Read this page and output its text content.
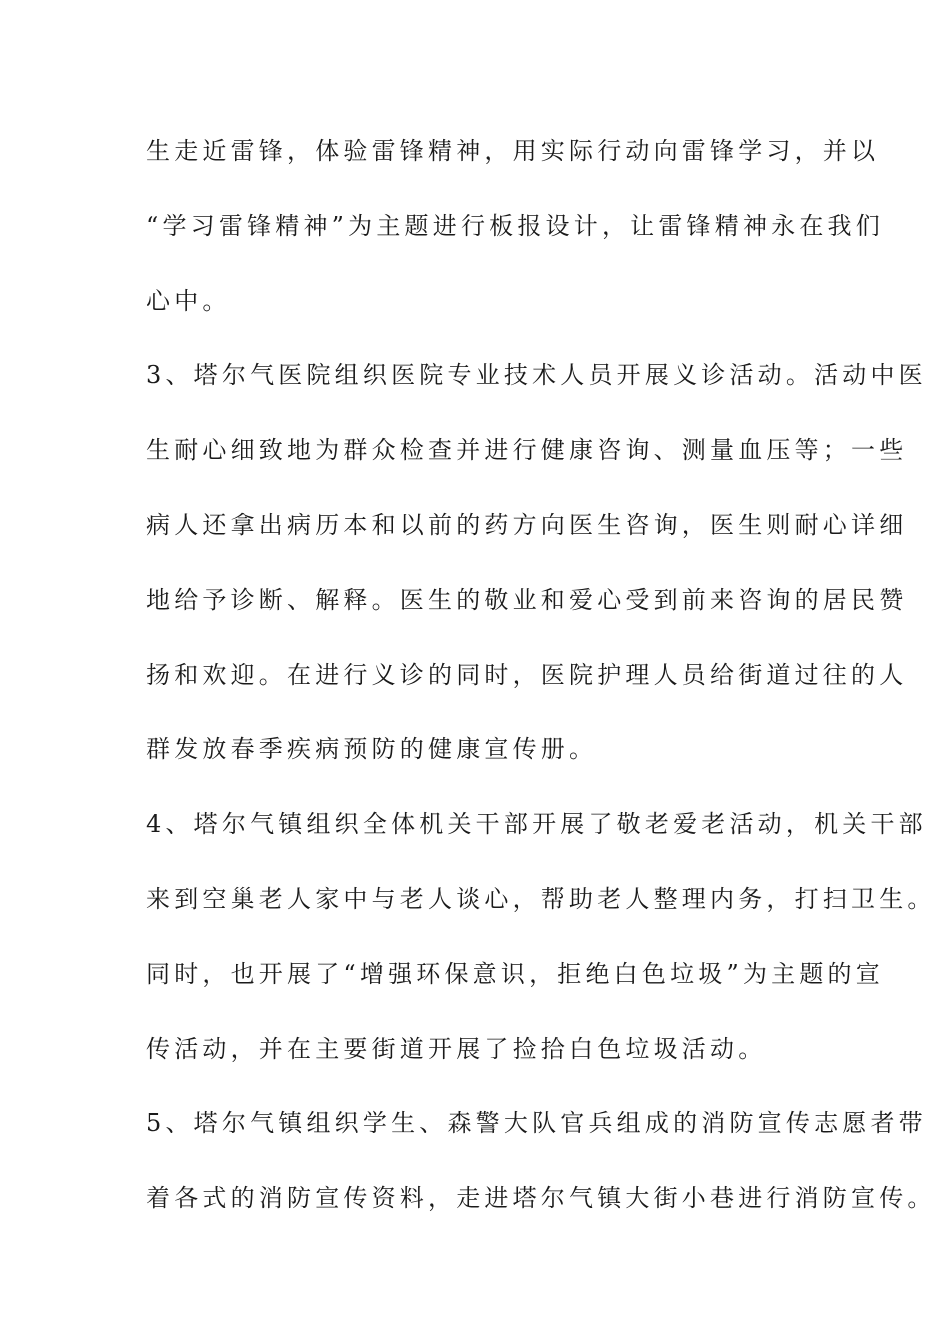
生走近雷锋，体验雷锋精神，用实际行动向雷锋学习，并以
“学习雷锋精神”为主题进行板报设计，让雷锋精神永在我们
心中。
3、塔尔气医院组织医院专业技术人员开展义诊活动。活动中医
生耐心细致地为群众检查并进行健康咨询、测量血压等；一些
病人还拿出病历本和以前的药方向医生咨询，医生则耐心详细
地给予诊断、解释。医生的敬业和爱心受到前来咨询的居民赞
扬和欢迎。在进行义诊的同时，医院护理人员给街道过往的人
群发放春季疾病预防的健康宣传册。
4、塔尔气镇组织全体机关干部开展了敬老爱老活动，机关干部
来到空巢老人家中与老人谈心，帮助老人整理内务，打扫卫生。
同时，也开展了“增强环保意识，拒绝白色垃圾”为主题的宣
传活动，并在主要街道开展了捡拾白色垃圾活动。
5、塔尔气镇组织学生、森警大队官兵组成的消防宣传志愿者带
着各式的消防宣传资料，走进塔尔气镇大街小巷进行消防宣传。
